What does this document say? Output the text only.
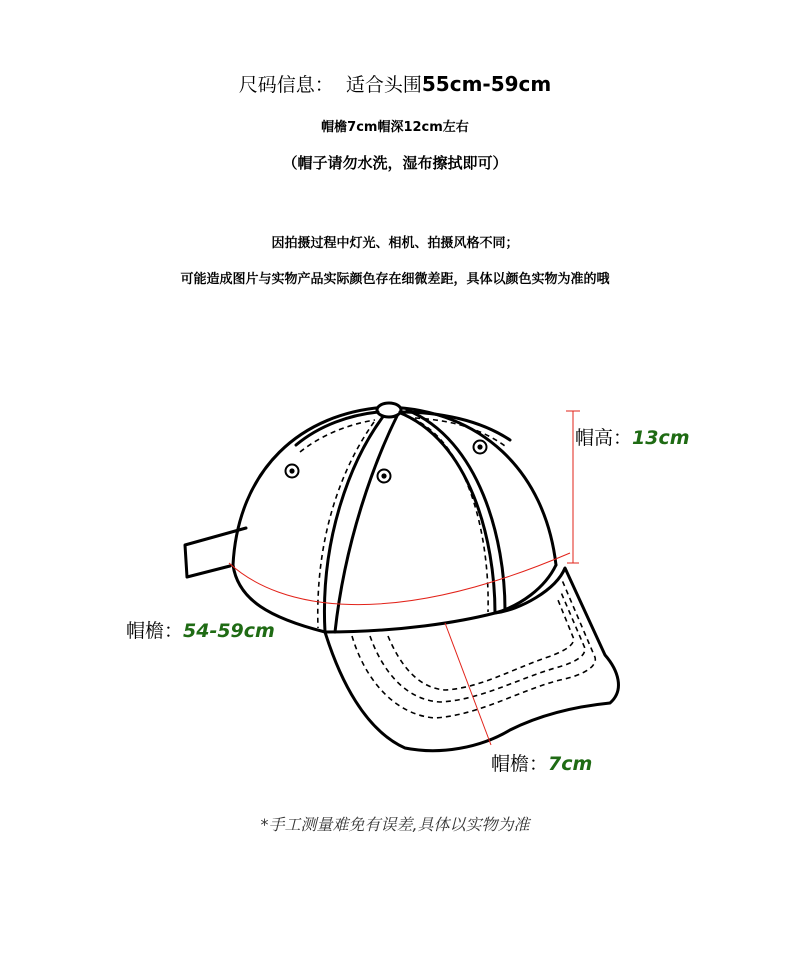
尺码信息： 适合头围55cm-59cm
帽檐7cm帽深12cm左右
（帽子请勿水洗，湿布擦拭即可）
因拍摄过程中灯光、相机、拍摄风格不同；
可能造成图片与实物产品实际颜色存在细微差距，具体以颜色实物为准的哦
帽高：13cm
帽檐：54-59cm
帽檐：7cm
*手工测量难免有误差,具体以实物为准
